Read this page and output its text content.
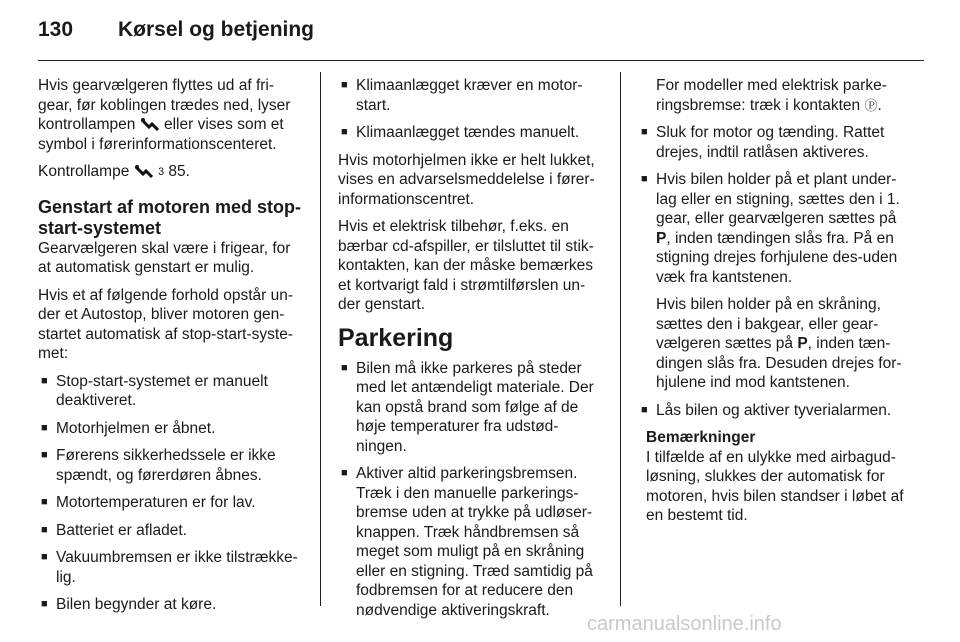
130 Kørsel og betjening

Hvis gearvælgeren flyttes ud af fri-gear, før koblingen trædes ned, lyser kontrollampen eller vises som et symbol i førerinformationscenteret.

Kontrollampe	3 85.

Genstart af motoren med stop-start-systemet

Gearvælgeren skal være i frigear, for at automatisk genstart er mulig.

Hvis et af følgende forhold opstår un-der et Autostop, bliver motoren gen-startet automatisk af stop-start-syste-met:

■ Stop-start-systemet er manuelt deaktiveret.
■ Motorhjelmen er åbnet.
■ Førerens sikkerhedssele er ikke spændt, og førerdøren åbnes.
■ Motortemperaturen er for lav.
■ Batteriet er afladet.
■ Vakuumbremsen er ikke tilstrække-lig.
■ Bilen begynder at køre.
■ Klimaanlægget kræver en motor-start.
■ Klimaanlægget tændes manuelt.

Hvis motorhjelmen ikke er helt lukket, vises en advarselsmeddelelse i fører-informationscentret.

Hvis et elektrisk tilbehør, f.eks. en bærbar cd-afspiller, er tilsluttet til stik-kontakten, kan der måske bemærkes et kortvarigt fald i strømtilførslen un-der genstart.

Parkering
■ Bilen må ikke parkeres på steder med let antændeligt materiale. Der kan opstå brand som følge af de høje temperaturer fra udstød-ningen.
■ Aktiver altid parkeringsbremsen. Træk i den manuelle parkerings-bremse uden at trykke på udløser-knappen. Træk håndbremsen så meget som muligt på en skråning eller en stigning. Træd samtidig på fodbremsen for at reducere den nødvendige aktiveringskraft.
For modeller med elektrisk parke-ringsbremse: træk i kontakten Ⓟ.
■ Sluk for motor og tænding. Rattet drejes, indtil ratlåsen aktiveres.
■ Hvis bilen holder på et plant under-lag eller en stigning, sættes den i 1. gear, eller gearvælgeren sættes på P, inden tændingen slås fra. På en stigning drejes forhjulene des-uden væk fra kantstenen.
Hvis bilen holder på en skråning, sættes den i bakgear, eller gear-vælgeren sættes på P, inden tæn-dingen slås fra. Desuden drejes for-hjulene ind mod kantstenen.
■ Lås bilen og aktiver tyverialarmen.

Bemærkninger

I tilfælde af en ulykke med airbagud-løsning, slukkes der automatisk for motoren, hvis bilen standser i løbet af en bestemt tid.

carmanualsonline.info
